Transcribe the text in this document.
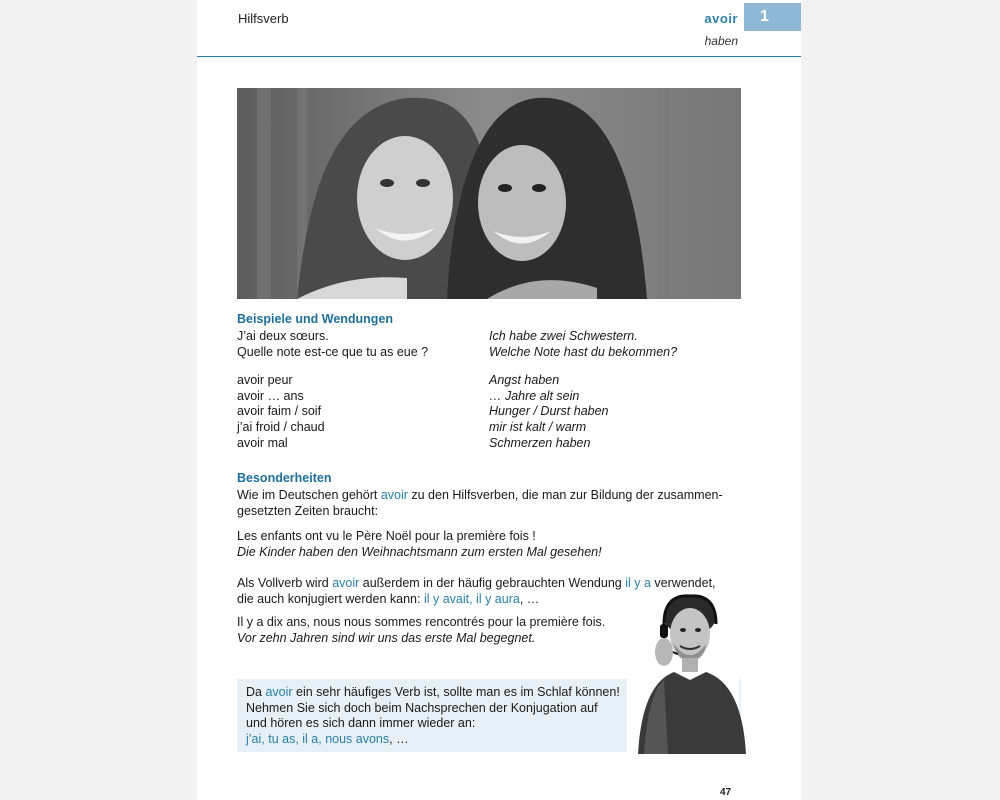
Hilfsverb	avoir	1
haben
Beispiele und Wendungen
J’ai deux sœurs.	Ich habe zwei Schwestern.
Quelle note est-ce que tu as eue ?	Welche Note hast du bekommen?
avoir peur	Angst haben
avoir … ans	… Jahre alt sein
avoir faim / soif	Hunger / Durst haben
j’ai froid / chaud	mir ist kalt / warm
avoir mal	Schmerzen haben
Besonderheiten
Wie im Deutschen gehört avoir zu den Hilfsverben, die man zur Bildung der zusammen-
gesetzten Zeiten braucht:
Les enfants ont vu le Père Noël pour la première fois !
Die Kinder haben den Weihnachtsmann zum ersten Mal gesehen!
Als Vollverb wird avoir außerdem in der häufig gebrauchten Wendung il y a verwendet,
die auch konjugiert werden kann: il y avait, il y aura, …
Il y a dix ans, nous nous sommes rencontrés pour la première fois.
Vor zehn Jahren sind wir uns das erste Mal begegnet.
Da avoir ein sehr häufiges Verb ist, sollte man es im Schlaf können!
Nehmen Sie sich doch beim Nachsprechen der Konjugation auf
und hören es sich dann immer wieder an:
j’ai, tu as, il a, nous avons, …
47
